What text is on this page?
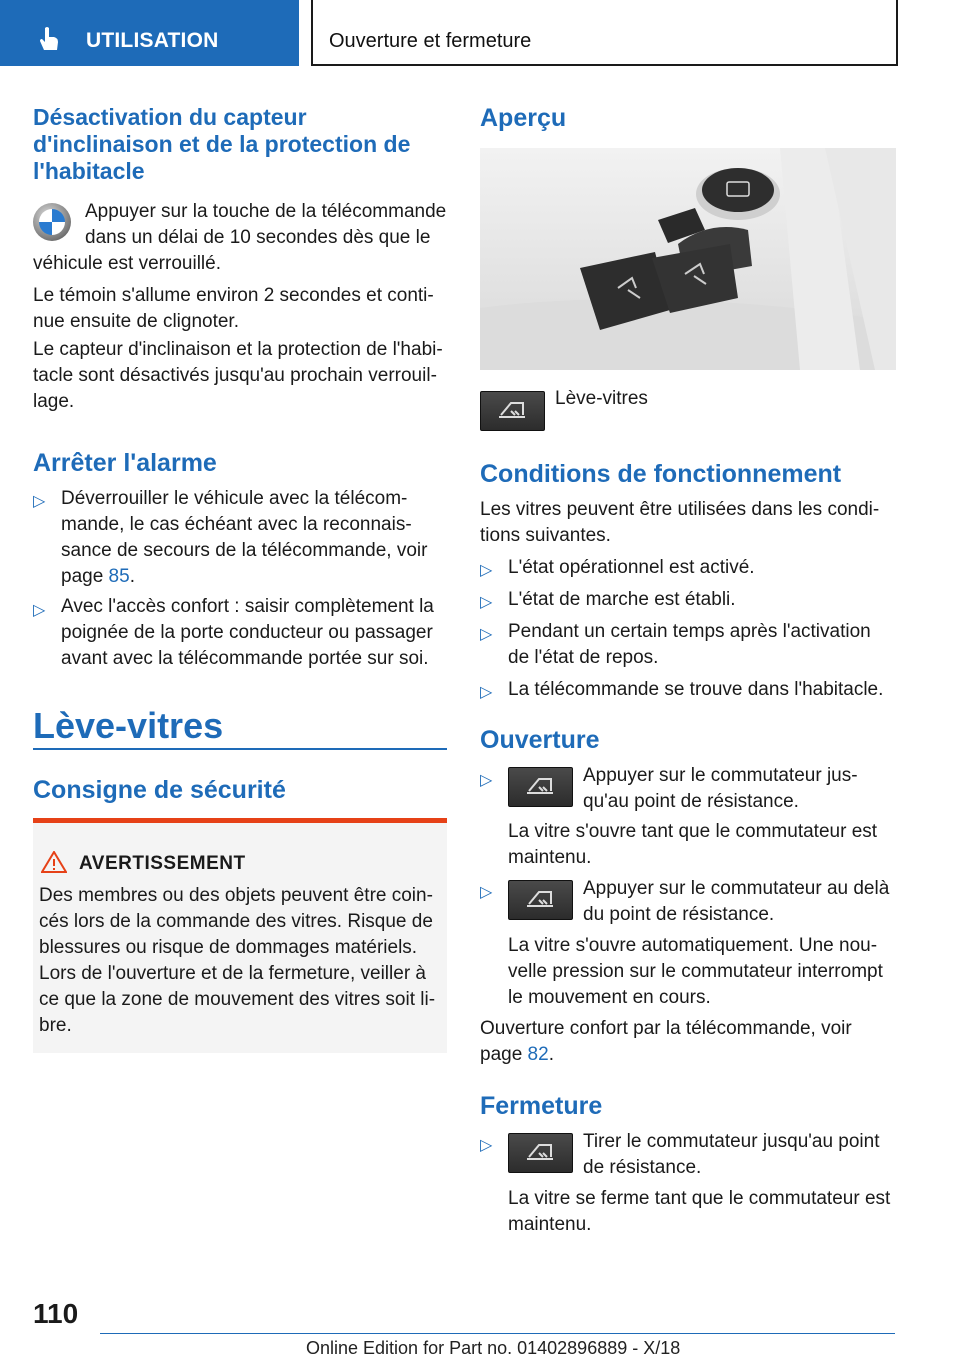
UTILISATION	Ouverture et fermeture
Désactivation du capteur
d'inclinaison et de la protection de
l'habitacle

Appuyer sur la touche de la télécommande
dans un délai de 10 secondes dès que le

véhicule est verrouillé.

Le témoin s'allume environ 2 secondes et conti-
nue ensuite de clignoter.

Le capteur d'inclinaison et la protection de l'habi-
tacle sont désactivés jusqu'au prochain verrouil-
lage.

Arrêter l'alarme
▷ Déverrouiller le véhicule avec la télécom-
mande, le cas échéant avec la reconnais-
sance de secours de la télécommande, voir
page 85.

▷ Avec l'accès confort : saisir complètement la
poignée de la porte conducteur ou passager
avant avec la télécommande portée sur soi.

Lève-vitres
Consigne de sécurité
AVERTISSEMENT

Des membres ou des objets peuvent être coin-
cés lors de la commande des vitres. Risque de
blessures ou risque de dommages matériels.
Lors de l'ouverture et de la fermeture, veiller à
ce que la zone de mouvement des vitres soit li-
bre.

Aperçu

Lève-vitres

Conditions de fonctionnement

Les vitres peuvent être utilisées dans les condi-
tions suivantes.

▷ L'état opérationnel est activé.

▷ L'état de marche est établi.

▷ Pendant un certain temps après l'activation
de l'état de repos.

▷ La télécommande se trouve dans l'habitacle.

Ouverture
▷	Appuyer sur le commutateur jus-
qu'au point de résistance.

La vitre s'ouvre tant que le commutateur est
maintenu.

▷	Appuyer sur le commutateur au delà
du point de résistance.

La vitre s'ouvre automatiquement. Une nou-
velle pression sur le commutateur interrompt
le mouvement en cours.

Ouverture confort par la télécommande, voir
page 82.

Fermeture
▷	Tirer le commutateur jusqu'au point
de résistance.

La vitre se ferme tant que le commutateur est
maintenu.

110
Online Edition for Part no. 01402896889 - X/18
